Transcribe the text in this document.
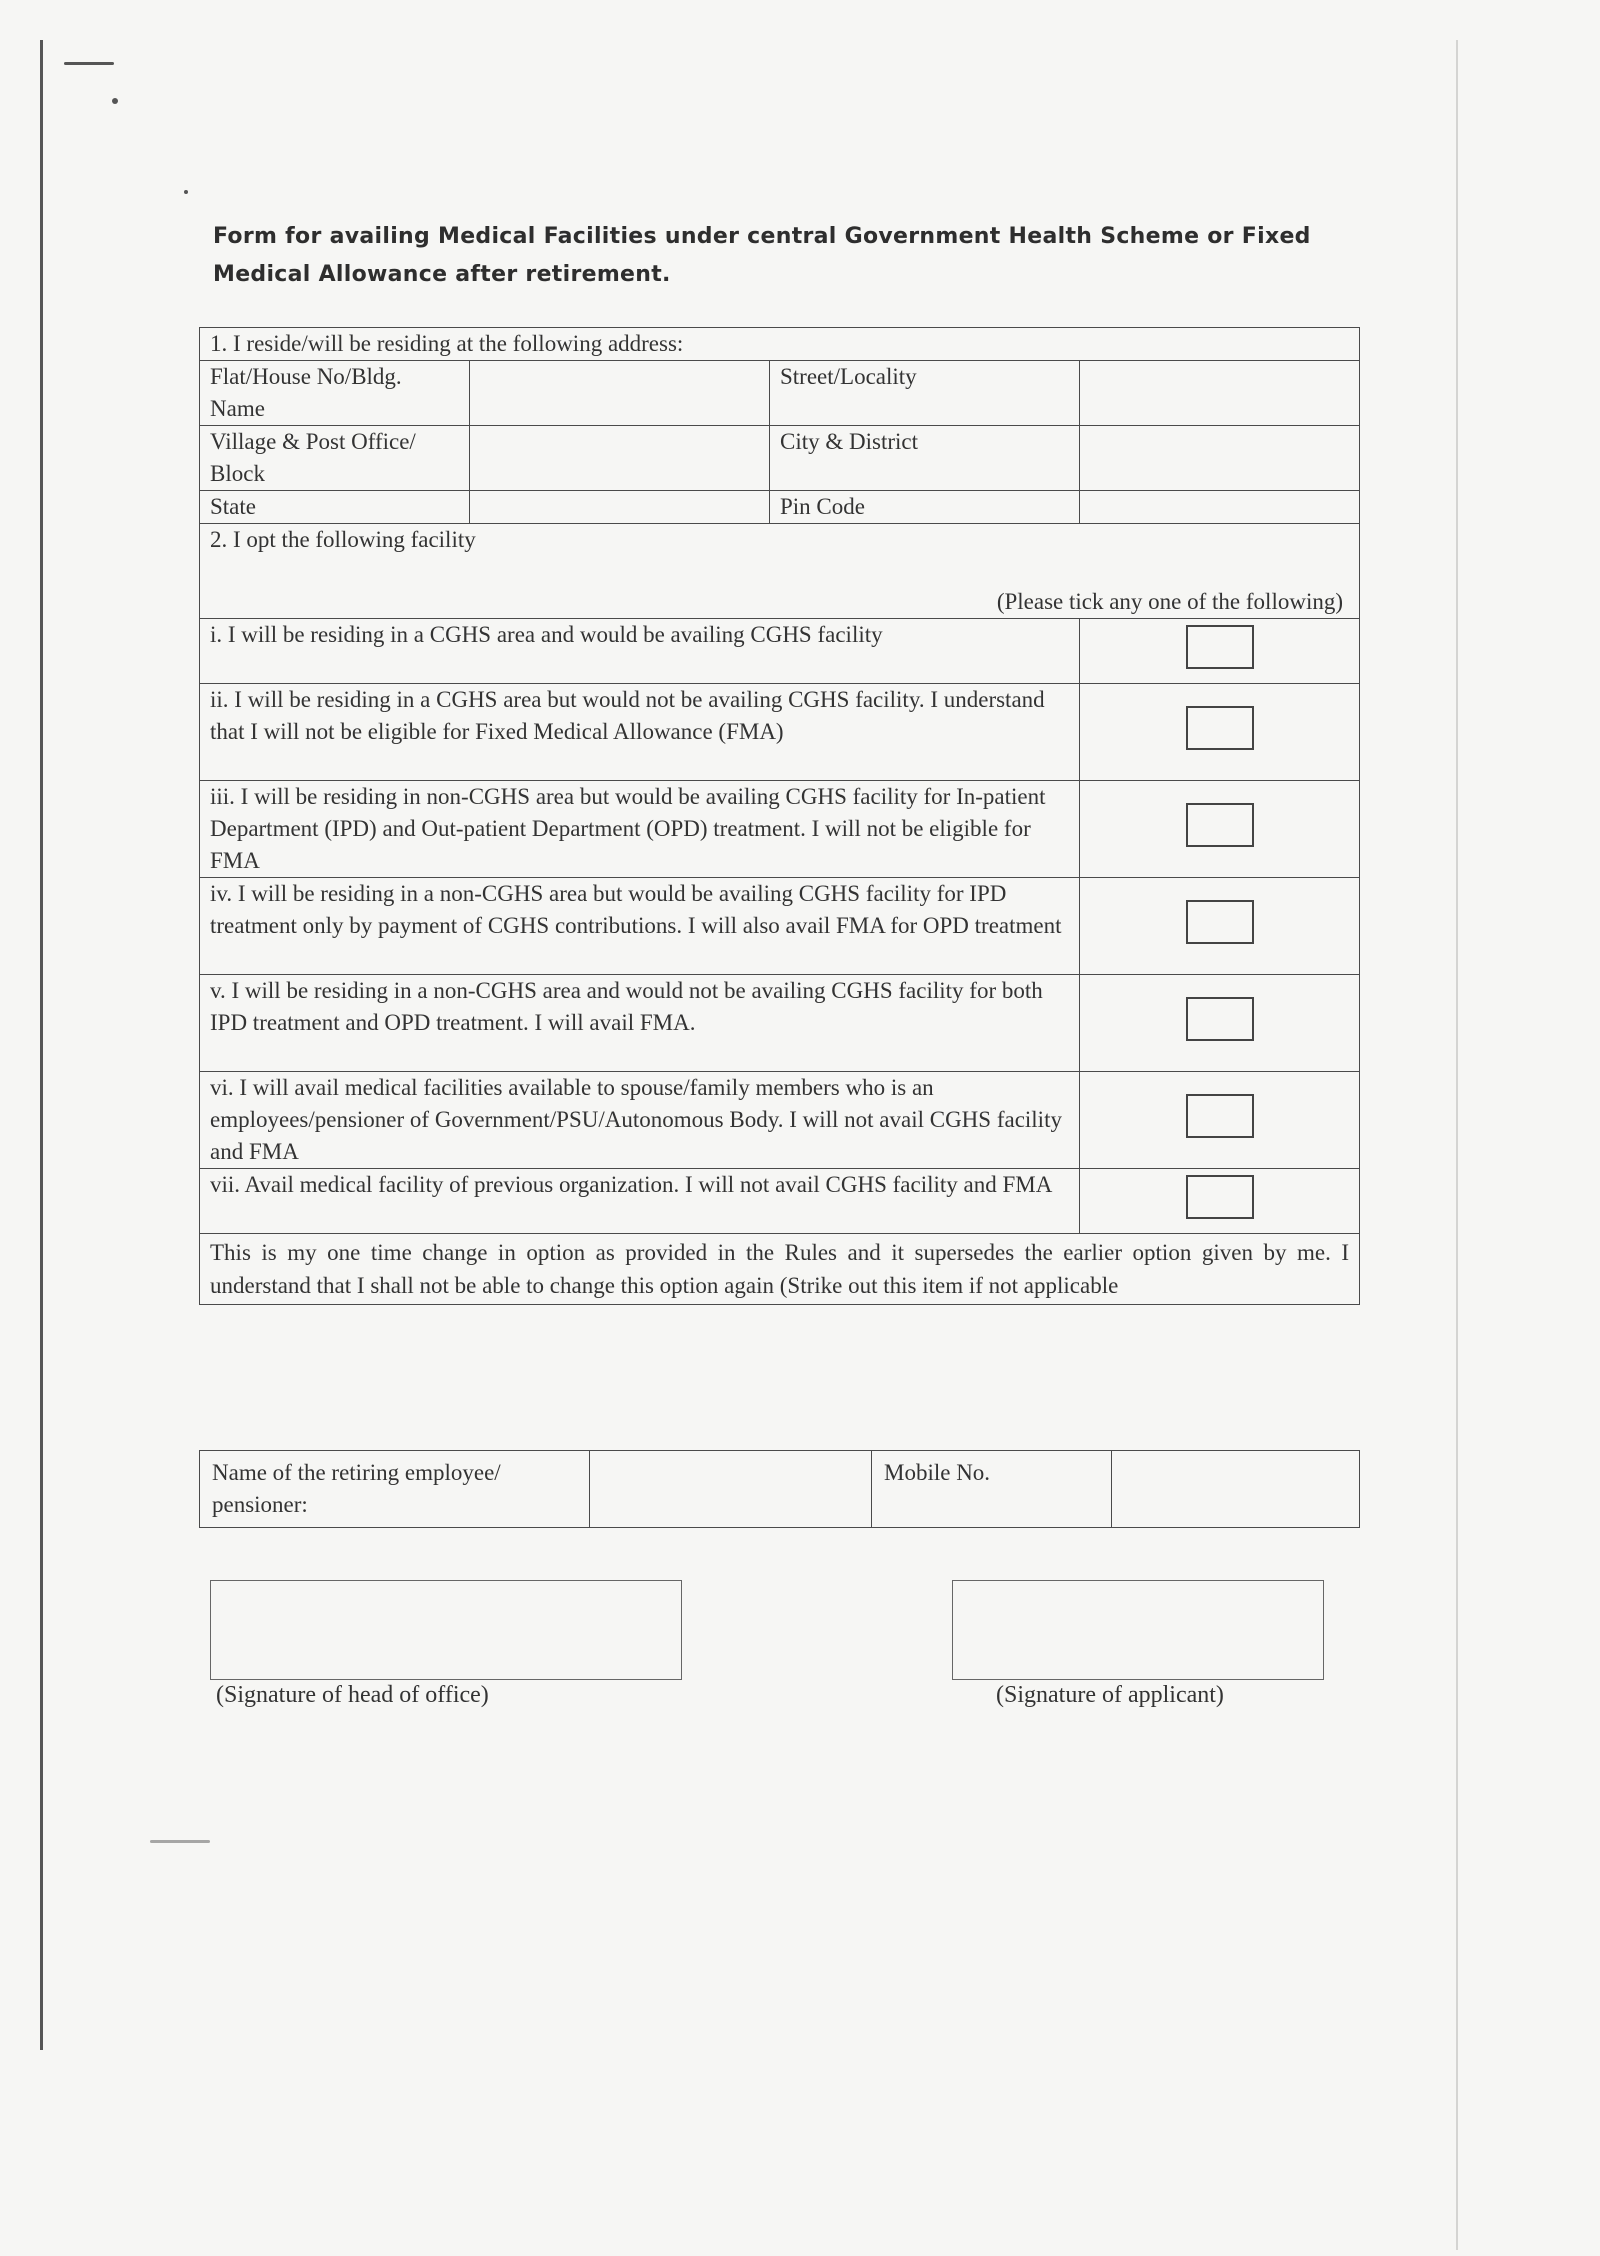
Form for availing Medical Facilities under central Government Health Scheme or Fixed Medical Allowance after retirement.
1. I reside/will be residing at the following address:			
Flat/House No/Bldg. Name		Street/Locality	
Village & Post Office/ Block		City & District	
State		Pin Code	
2. I opt the following facility			
(Please tick any one of the following)			
i. I will be residing in a CGHS area and would be availing CGHS facility			
ii. I will be residing in a CGHS area but would not be availing CGHS facility. I understand that I will not be eligible for Fixed Medical Allowance (FMA)			
iii. I will be residing in non-CGHS area but would be availing CGHS facility for In-patient Department (IPD) and Out-patient Department (OPD) treatment. I will not be eligible for FMA			
iv. I will be residing in a non-CGHS area but would be availing CGHS facility for IPD treatment only by payment of CGHS contributions. I will also avail FMA for OPD treatment			
v. I will be residing in a non-CGHS area and would not be availing CGHS facility for both IPD treatment and OPD treatment. I will avail FMA.			
vi. I will avail medical facilities available to spouse/family members who is an employees/pensioner of Government/PSU/Autonomous Body. I will not avail CGHS facility and FMA			
vii. Avail medical facility of previous organization. I will not avail CGHS facility and FMA			
This is my one time change in option as provided in the Rules and it supersedes the earlier option given by me. I understand that I shall not be able to change this option again (Strike out this item if not applicable			
Name of the retiring employee/ pensioner:		Mobile No.	
(Signature of head of office)	(Signature of applicant)
